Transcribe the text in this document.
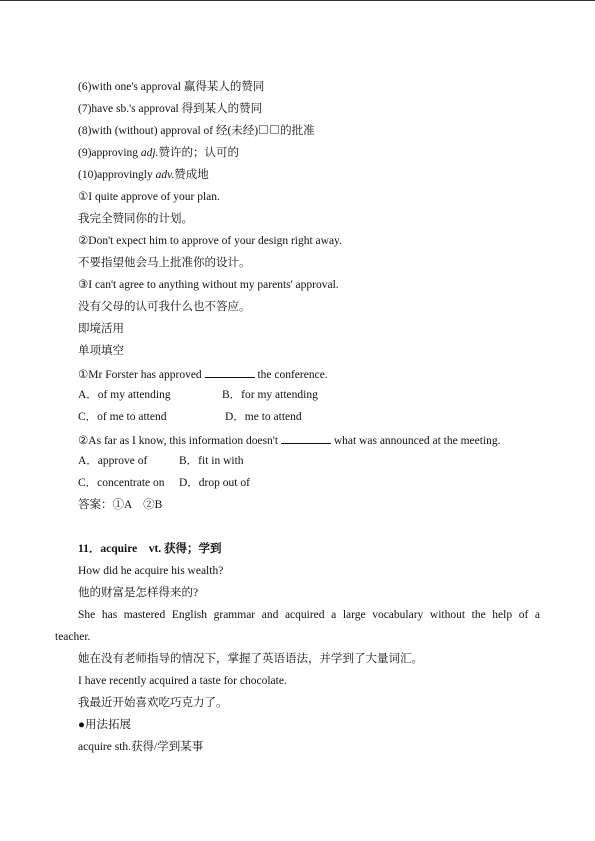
(6)with one's approval 赢得某人的赞同
(7)have sb.'s approval 得到某人的赞同
(8)with (without) approval of 经(未经) 的批准
(9)approving adj.赞许的；认可的
(10)approvingly adv.赞成地
①I quite approve of your plan.
我完全赞同你的计划。
②Don't expect him to approve of your design right away.
不要指望他会马上批准你的设计。
③I can't agree to anything without my parents' approval.
没有父母的认可我什么也不答应。
即境活用
单项填空
①Mr Forster has approved	the conference.
A．of my attending	B．for my attending
C．of me to attend	D．me to attend
②As far as I know, this information doesn't	what was announced at the meeting.
A．approve of	B．fit in with
C．concentrate on D．drop out of
答案：①A　②B
11．acquire　vt. 获得；学到
How did he acquire his wealth?
他的财富是怎样得来的?
She has mastered English grammar and acquired a large vocabulary without the help of a
teacher.
她在没有老师指导的情况下，掌握了英语语法，并学到了大量词汇。
I have recently acquired a taste for chocolate.
我最近开始喜欢吃巧克力了。
●用法拓展
acquire sth.获得/学到某事
